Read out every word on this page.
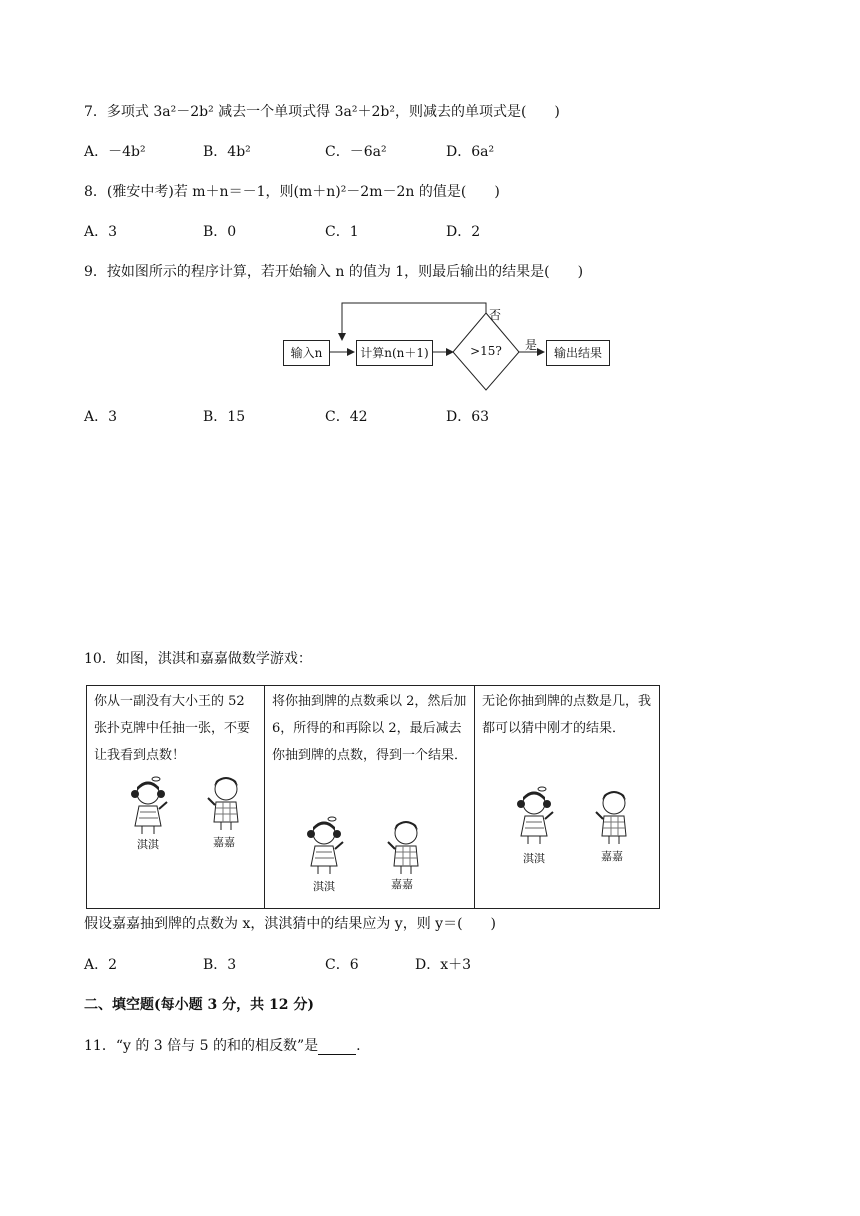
7．多项式 3a²－2b² 减去一个单项式得 3a²＋2b²，则减去的单项式是(　　)
A．－4b²	B．4b²	C．－6a²	D．6a²
8．(雅安中考)若 m＋n＝－1，则(m＋n)²－2m－2n 的值是(　　)
A．3	B．0	C．1	D．2
9．按如图所示的程序计算，若开始输入 n 的值为 1，则最后输出的结果是(　　)
输入n	计算n(n＋1)	>15?	输出结果
否
是
A．3	B．15	C．42	D．63
10．如图，淇淇和嘉嘉做数学游戏：
你从一副没有大小王的 52 张扑克牌中任抽一张，不要让我看到点数！
淇淇	嘉嘉
将你抽到牌的点数乘以 2，然后加 6，所得的和再除以 2，最后减去你抽到牌的点数，得到一个结果．
淇淇	嘉嘉
无论你抽到牌的点数是几，我都可以猜中刚才的结果．
淇淇	嘉嘉
假设嘉嘉抽到牌的点数为 x，淇淇猜中的结果应为 y，则 y＝(　　)
A．2	B．3	C．6	D．x＋3
二、填空题(每小题 3 分，共 12 分)
11．“y 的 3 倍与 5 的和的相反数”是	.
